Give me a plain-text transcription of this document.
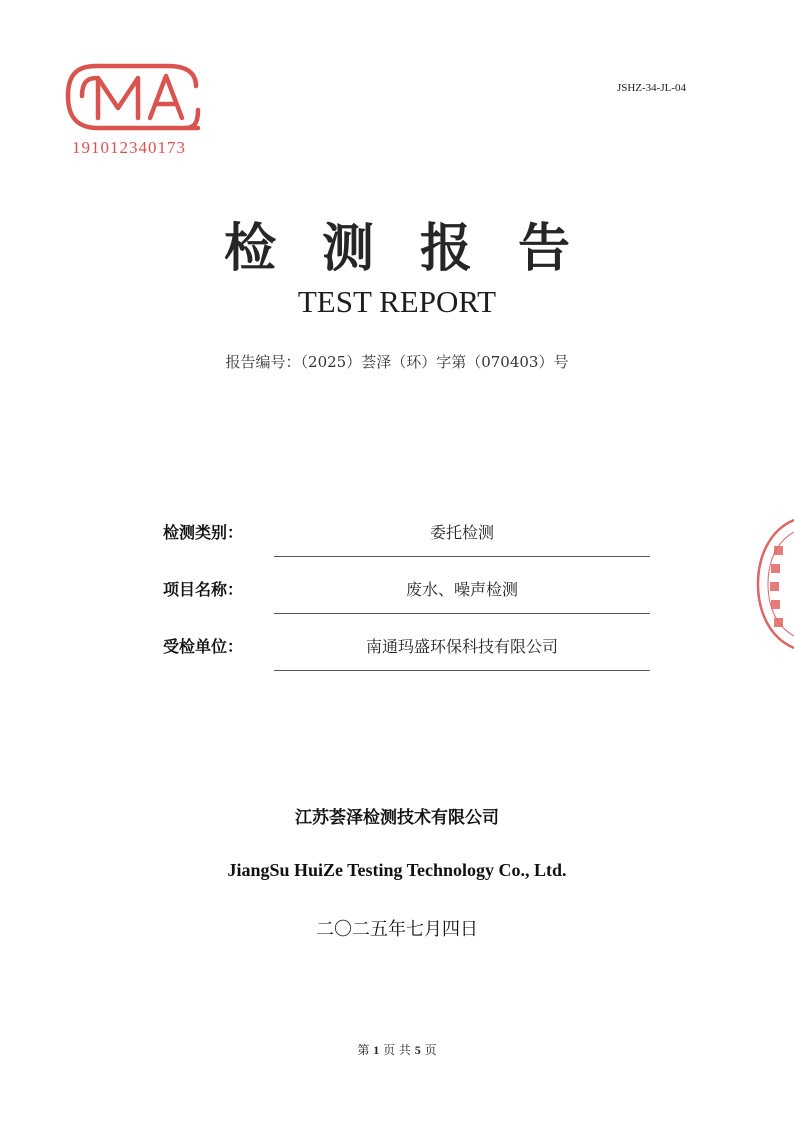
191012340173
JSHZ-34-JL-04
检测报告
TEST REPORT
报告编号：（2025）荟泽（环）字第（070403）号
检测类别：	委托检测
项目名称：	废水、噪声检测
受检单位：	南通玛盛环保科技有限公司
江苏荟泽检测技术有限公司
JiangSu HuiZe Testing Technology Co., Ltd.
二〇二五年七月四日
第 1 页 共 5 页
